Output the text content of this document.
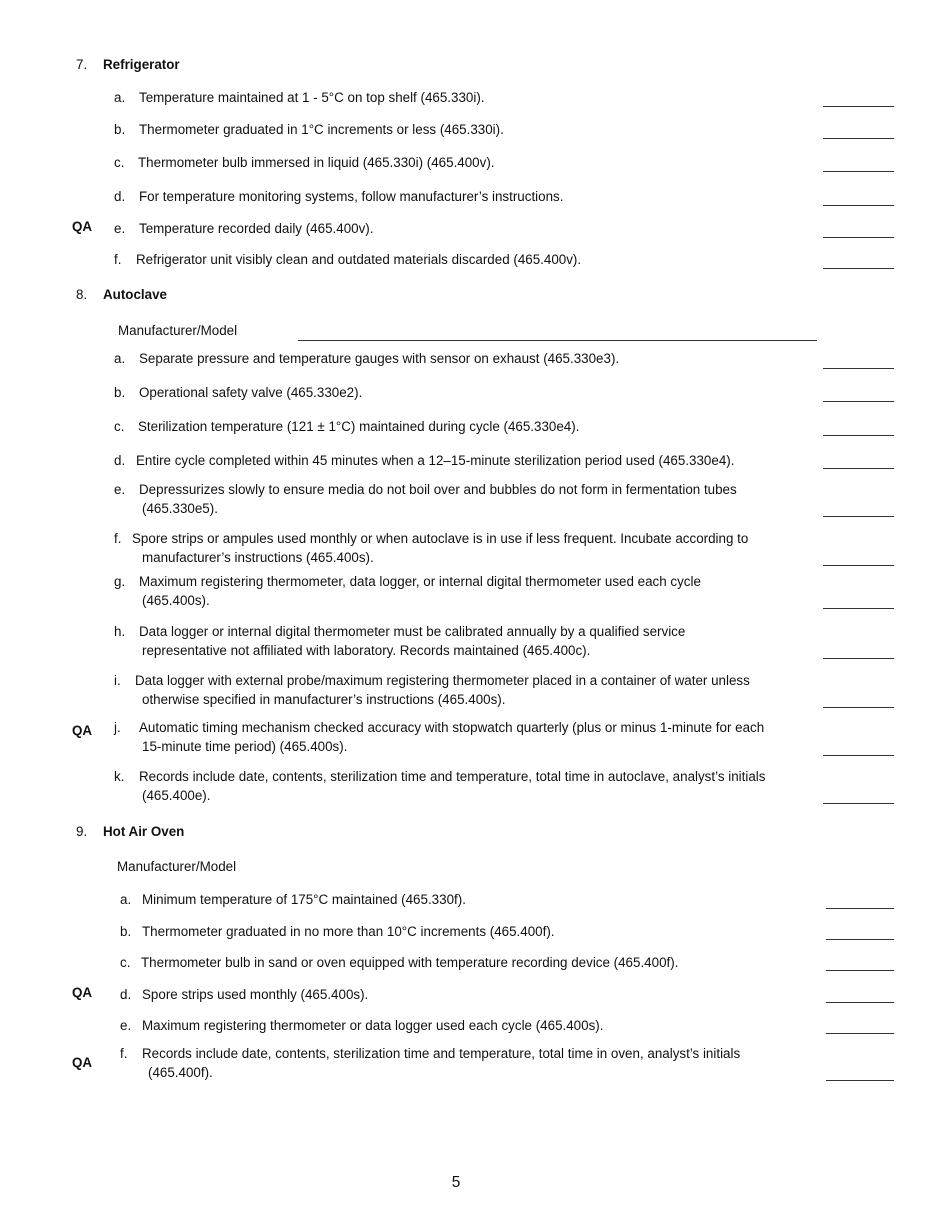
7. Refrigerator
a. Temperature maintained at 1 - 5°C on top shelf (465.330i).
b. Thermometer graduated in 1°C increments or less (465.330i).
c. Thermometer bulb immersed in liquid (465.330i) (465.400v).
d. For temperature monitoring systems, follow manufacturer’s instructions.
QA e. Temperature recorded daily (465.400v).
f. Refrigerator unit visibly clean and outdated materials discarded (465.400v).
8. Autoclave
Manufacturer/Model
a. Separate pressure and temperature gauges with sensor on exhaust (465.330e3).
b. Operational safety valve (465.330e2).
c. Sterilization temperature (121 ± 1°C) maintained during cycle (465.330e4).
d. Entire cycle completed within 45 minutes when a 12–15-minute sterilization period used (465.330e4).
e. Depressurizes slowly to ensure media do not boil over and bubbles do not form in fermentation tubes
(465.330e5).
f. Spore strips or ampules used monthly or when autoclave is in use if less frequent. Incubate according to
manufacturer’s instructions (465.400s).
g. Maximum registering thermometer, data logger, or internal digital thermometer used each cycle
(465.400s).
h. Data logger or internal digital thermometer must be calibrated annually by a qualified service
representative not affiliated with laboratory. Records maintained (465.400c).
i. Data logger with external probe/maximum registering thermometer placed in a container of water unless
otherwise specified in manufacturer’s instructions (465.400s).
QA j. Automatic timing mechanism checked accuracy with stopwatch quarterly (plus or minus 1-minute for each
15-minute time period) (465.400s).
k. Records include date, contents, sterilization time and temperature, total time in autoclave, analyst’s initials
(465.400e).
9. Hot Air Oven
Manufacturer/Model
a. Minimum temperature of 175°C maintained (465.330f).
b. Thermometer graduated in no more than 10°C increments (465.400f).
c. Thermometer bulb in sand or oven equipped with temperature recording device (465.400f).
QA d. Spore strips used monthly (465.400s).
e. Maximum registering thermometer or data logger used each cycle (465.400s).
QA
f. Records include date, contents, sterilization time and temperature, total time in oven, analyst’s initials
(465.400f).
5
